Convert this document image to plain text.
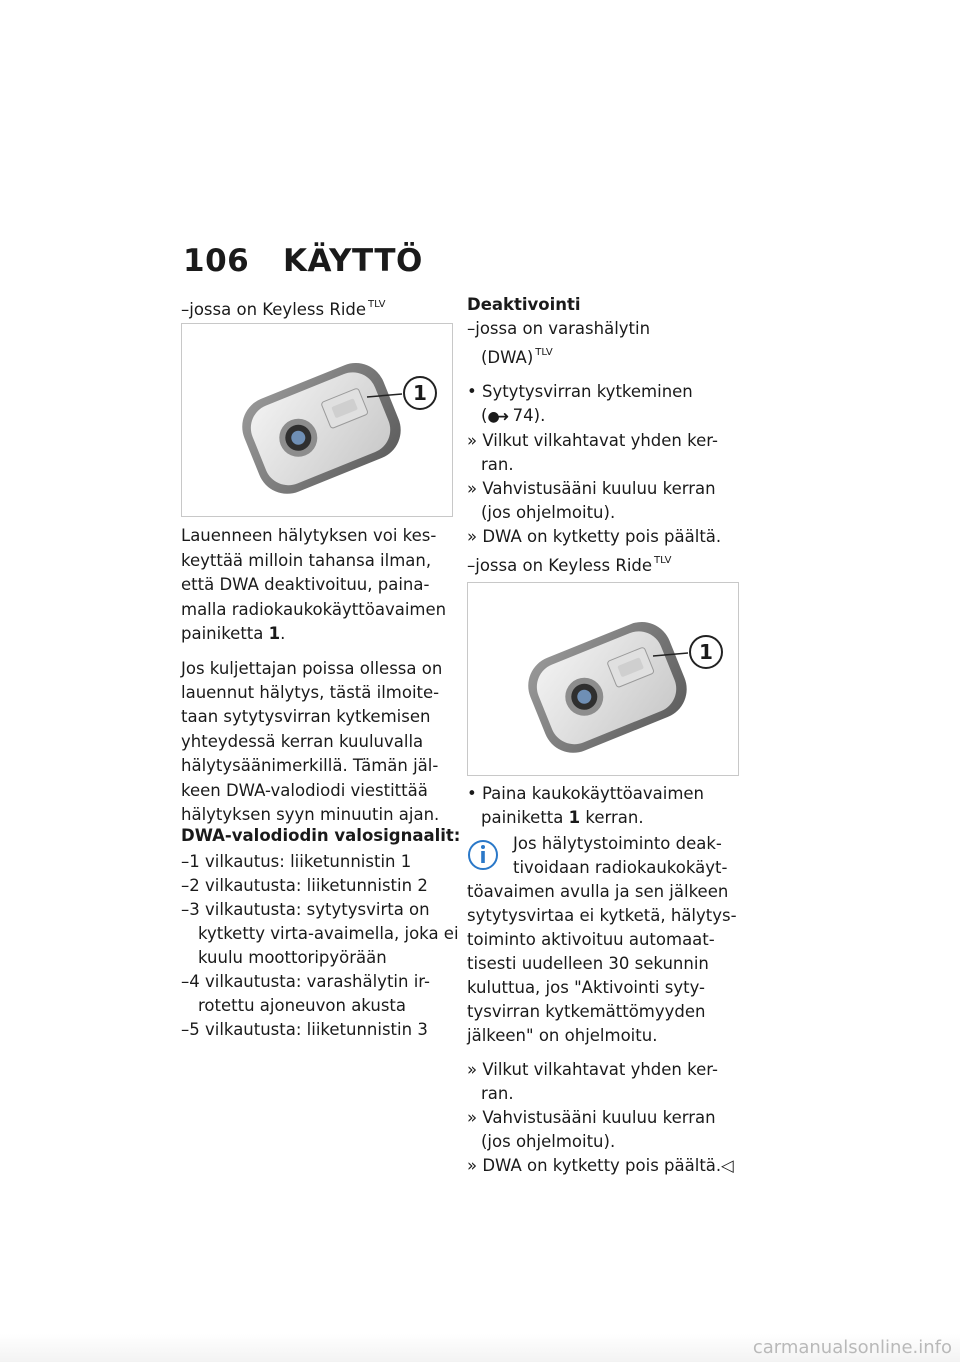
106 KÄYTTÖ
–jossa on Keyless Ride $^{TLV}$
1
Lauenneen hälytyksen voi kes-
keyttää milloin tahansa ilman,
että DWA deaktivoituu, paina-
malla radiokaukokäyttöavaimen
painiketta 1.
Jos kuljettajan poissa ollessa on
lauennut hälytys, tästä ilmoite-
taan sytytysvirran kytkemisen
yhteydessä kerran kuuluvalla
hälytysäänimerkillä. Tämän jäl-
keen DWA-valodiodi viestittää
hälytyksen syyn minuutin ajan.
DWA-valodiodin valosignaalit:
–1 vilkautus: liiketunnistin 1
–2 vilkautusta: liiketunnistin 2
–3 vilkautusta: sytytysvirta on
kytketty virta-avaimella, joka ei
kuulu moottoripyörään
–4 vilkautusta: varashälytin ir-
rotettu ajoneuvon akusta
–5 vilkautusta: liiketunnistin 3
Deaktivointi
–jossa on varashälytin
(DWA) $^{TLV}$
• Sytytysvirran kytkeminen
(●➜ 74).
» Vilkut vilkahtavat yhden ker-
ran.
» Vahvistusääni kuuluu kerran
(jos ohjelmoitu).
» DWA on kytketty pois päältä.
–jossa on Keyless Ride $^{TLV}$
1
• Paina kaukokäyttöavaimen
painiketta 1 kerran.
Jos hälytystoiminto deak-
tivoidaan radiokaukokäyt-
töavaimen avulla ja sen jälkeen
sytytysvirtaa ei kytketä, hälytys-
toiminto aktivoituu automaat-
tisesti uudelleen 30 sekunnin
kuluttua, jos "Aktivointi syty-
tysvirran kytkemättömyyden
jälkeen" on ohjelmoitu.
» Vilkut vilkahtavat yhden ker-
ran.
» Vahvistusääni kuuluu kerran
(jos ohjelmoitu).
» DWA on kytketty pois päältä.◁
carmanualsonline.info
